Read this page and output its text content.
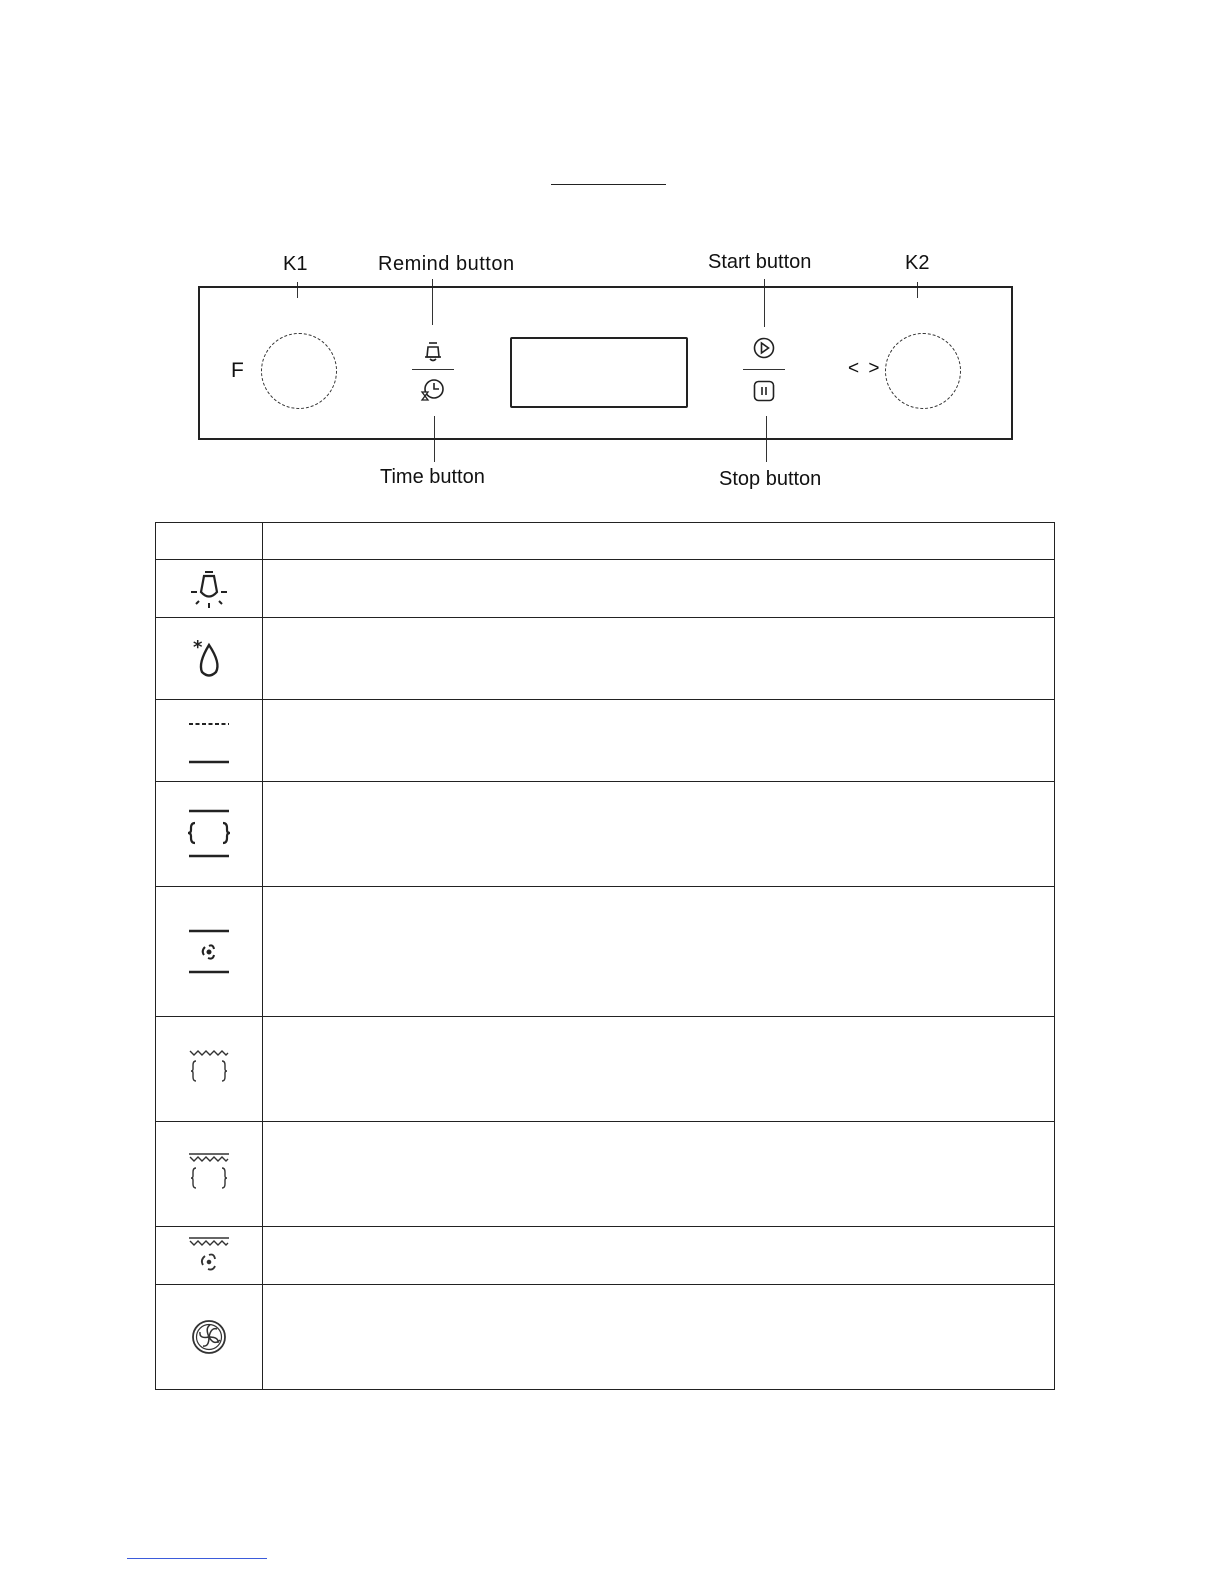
K1	Remind button	Start button	K2
Time button	Stop button
F	< >

*	
